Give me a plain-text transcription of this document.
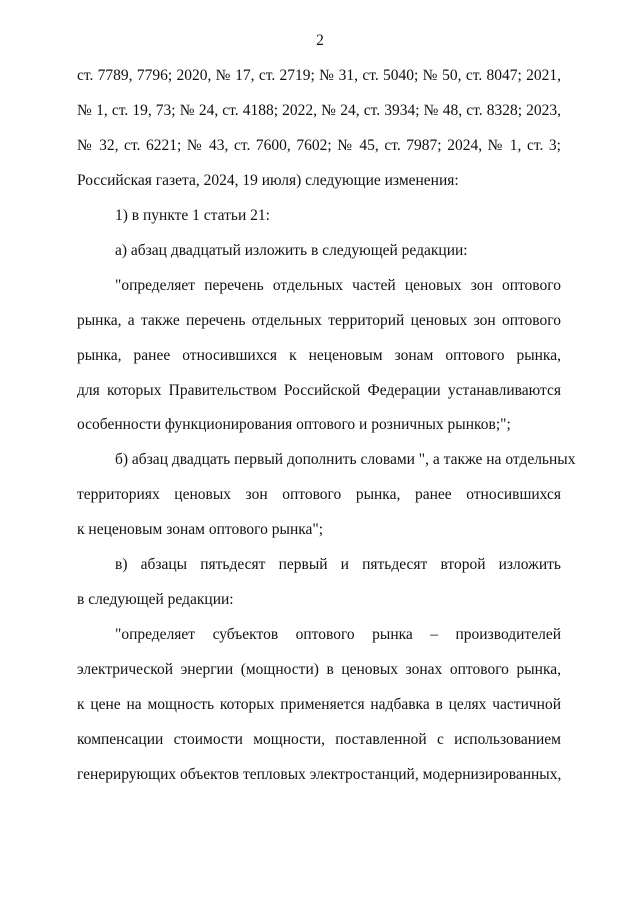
2
ст. 7789, 7796; 2020, № 17, ст. 2719; № 31, ст. 5040; № 50, ст. 8047; 2021,
№ 1, ст. 19, 73; № 24, ст. 4188; 2022, № 24, ст. 3934; № 48, ст. 8328; 2023,
№ 32, ст. 6221; № 43, ст. 7600, 7602; № 45, ст. 7987; 2024, № 1, ст. 3;
Российская газета, 2024, 19 июля) следующие изменения:
1) в пункте 1 статьи 21:
а) абзац двадцатый изложить в следующей редакции:
"определяет перечень отдельных частей ценовых зон оптового
рынка, а также перечень отдельных территорий ценовых зон оптового
рынка, ранее относившихся к неценовым зонам оптового рынка,
для которых Правительством Российской Федерации устанавливаются
особенности функционирования оптового и розничных рынков;";
б) абзац двадцать первый дополнить словами ", а также на отдельных
территориях ценовых зон оптового рынка, ранее относившихся
к неценовым зонам оптового рынка";
в) абзацы пятьдесят первый и пятьдесят второй изложить
в следующей редакции:
"определяет субъектов оптового рынка – производителей
электрической энергии (мощности) в ценовых зонах оптового рынка,
к цене на мощность которых применяется надбавка в целях частичной
компенсации стоимости мощности, поставленной с использованием
генерирующих объектов тепловых электростанций, модернизированных,
